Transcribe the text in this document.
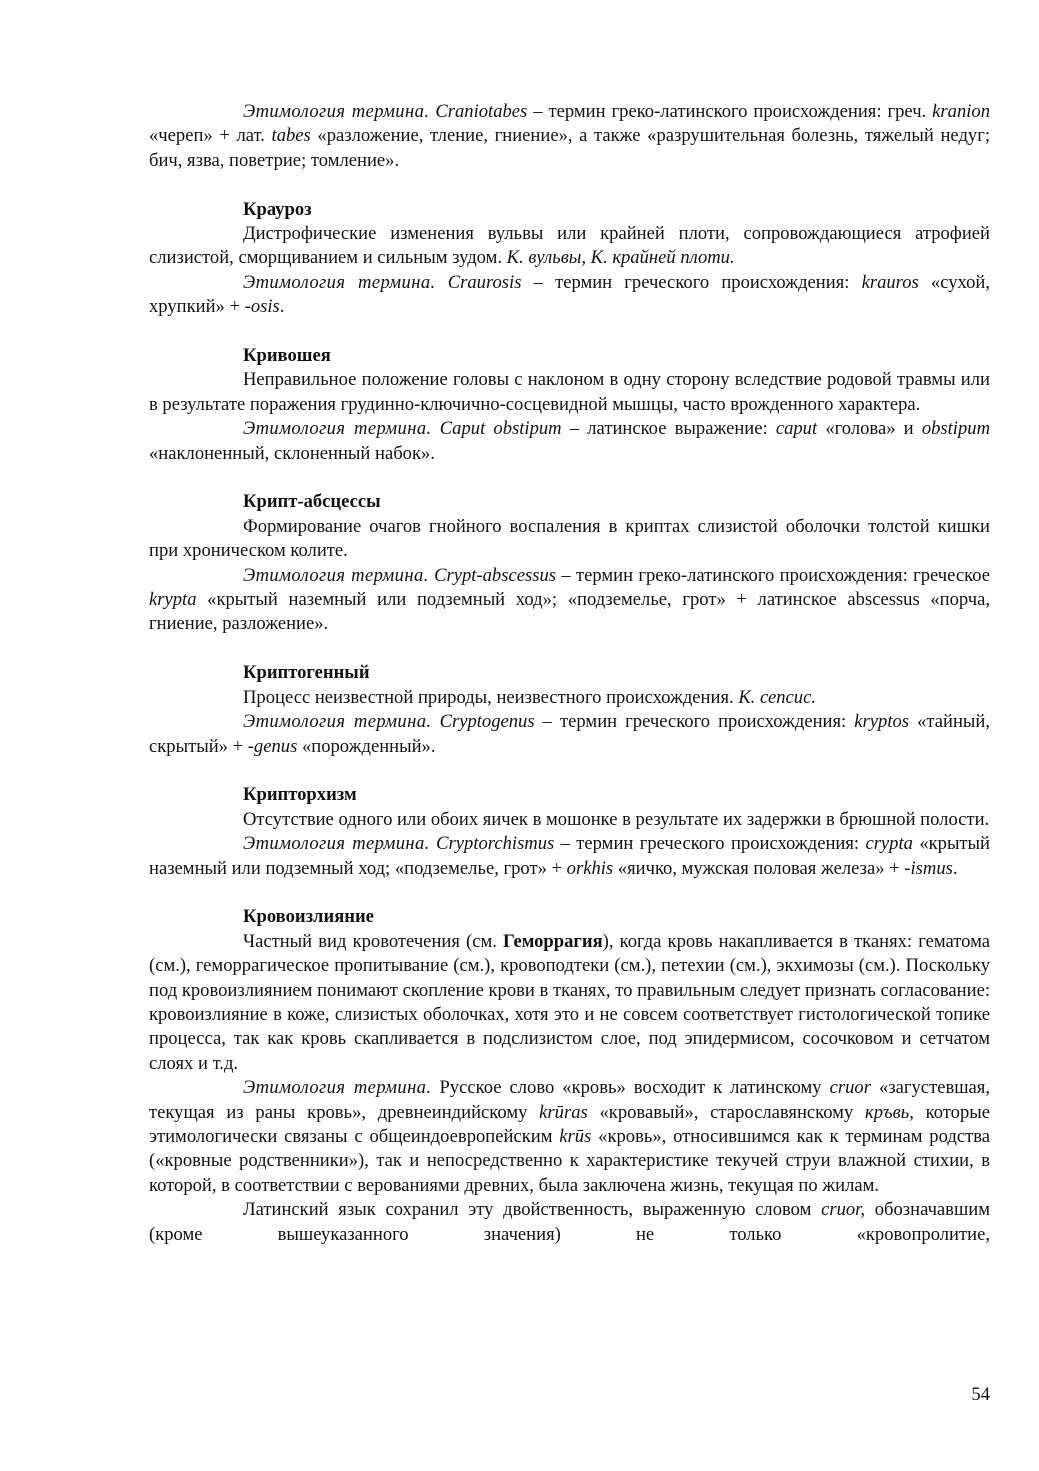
Этимология термина. Craniotabes – термин греко-латинского происхождения: греч. kranion «череп» + лат. tabes «разложение, тление, гниение», а также «разрушительная болезнь, тяжелый недуг; бич, язва, поветрие; томление».

Крауроз

Дистрофические изменения вульвы или крайней плоти, сопровождающиеся атрофией слизистой, сморщиванием и сильным зудом. К. вульвы, К. крайней плоти.

Этимология термина. Craurosis – термин греческого происхождения: krauros «сухой, хрупкий» + -osis.

Кривошея

Неправильное положение головы с наклоном в одну сторону вследствие родовой травмы или в результате поражения грудинно-ключично-сосцевидной мышцы, часто врожденного характера.

Этимология термина. Caput obstipum – латинское выражение: caput «голова» и obstipum «наклоненный, склоненный набок».

Крипт-абсцессы

Формирование очагов гнойного воспаления в криптах слизистой оболочки толстой кишки при хроническом колите.

Этимология термина. Crypt-abscessus – термин греко-латинского происхождения: греческое krypta «крытый наземный или подземный ход»; «подземелье, грот» + латинское abscessus «порча, гниение, разложение».

Криптогенный

Процесс неизвестной природы, неизвестного происхождения. К. сепсис.

Этимология термина. Cryptogenus – термин греческого происхождения: kryptos «тайный, скрытый» + -genus «порожденный».

Крипторхизм

Отсутствие одного или обоих яичек в мошонке в результате их задержки в брюшной полости.

Этимология термина. Cryptorchismus – термин греческого происхождения: crypta «крытый наземный или подземный ход; «подземелье, грот» + orkhis «яичко, мужская половая железа» + -ismus.

Кровоизлияние

Частный вид кровотечения (см. Геморрагия), когда кровь накапливается в тканях: гематома (см.), геморрагическое пропитывание (см.), кровоподтеки (см.), петехии (см.), экхимозы (см.). Поскольку под кровоизлиянием понимают скопление крови в тканях, то правильным следует признать согласование: кровоизлияние в коже, слизистых оболочках, хотя это и не совсем соответствует гистологической топике процесса, так как кровь скапливается в подслизистом слое, под эпидермисом, сосочковом и сетчатом слоях и т.д.

Этимология термина. Русское слово «кровь» восходит к латинскому cruor «загустевшая, текущая из раны кровь», древнеиндийскому krūras «кровавый», старославянскому кръвь, которые этимологически связаны с общеиндоевропейским krūs «кровь», относившимся как к терминам родства («кровные родственники»), так и непосредственно к характеристике текучей струи влажной стихии, в которой, в соответствии с верованиями древних, была заключена жизнь, текущая по жилам.

Латинский язык сохранил эту двойственность, выраженную словом cruor, обозначавшим (кроме вышеуказанного значения) не только «кровопролитие,

54
